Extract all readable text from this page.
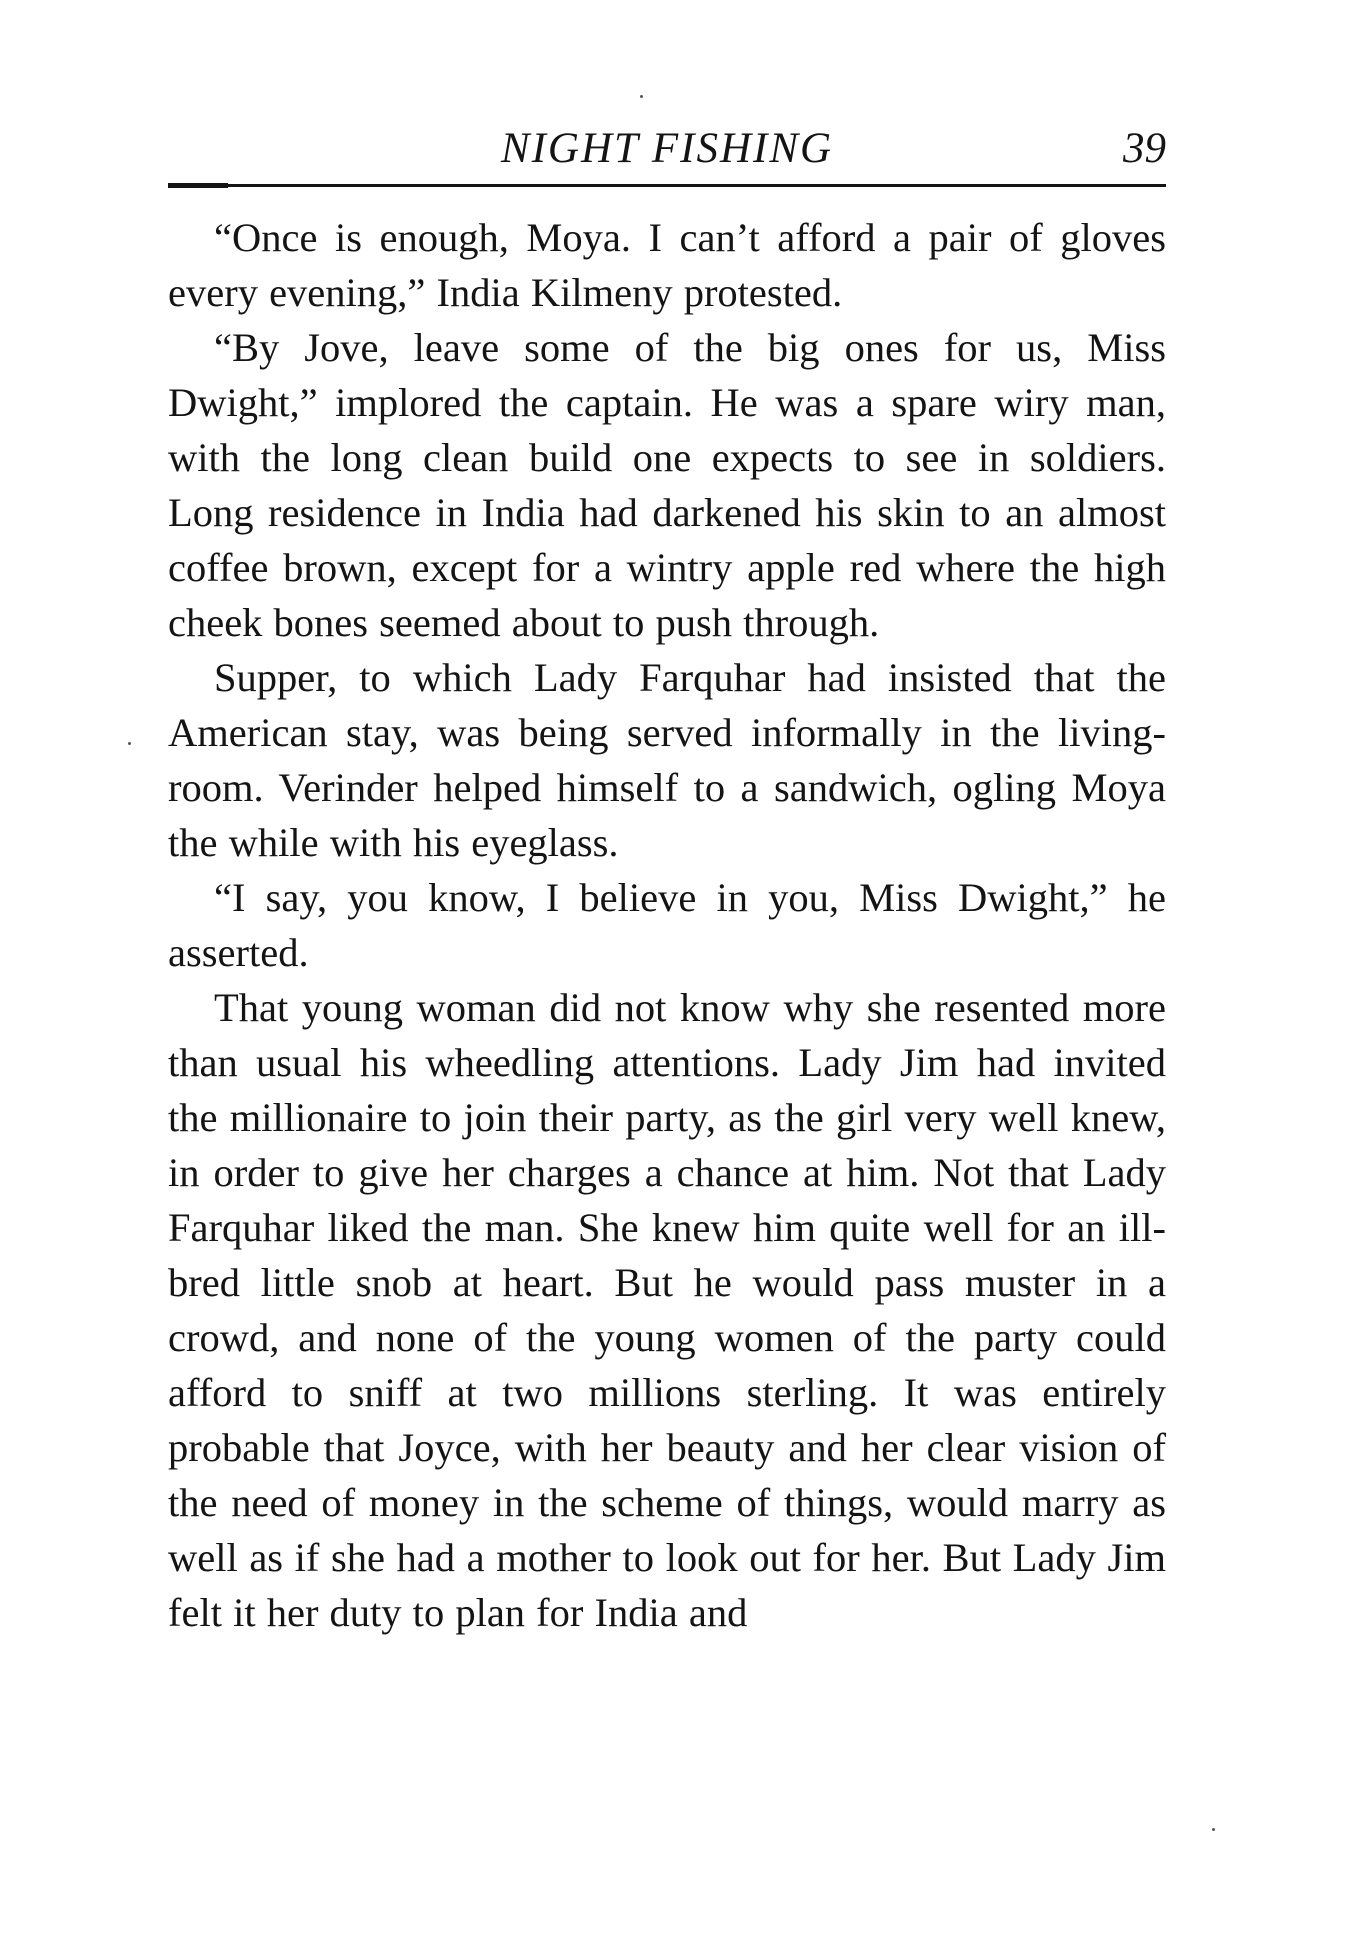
NIGHT FISHING	39

“Once is enough, Moya. I can’t afford a pair of gloves every evening,” India Kilmeny protested.

“By Jove, leave some of the big ones for us, Miss Dwight,” implored the captain. He was a spare wiry man, with the long clean build one expects to see in soldiers. Long residence in India had darkened his skin to an almost coffee brown, except for a wintry apple red where the high cheek bones seemed about to push through.

Supper, to which Lady Farquhar had insisted that the American stay, was being served informally in the living-room. Verinder helped himself to a sandwich, ogling Moya the while with his eyeglass.

“I say, you know, I believe in you, Miss Dwight,” he asserted.

That young woman did not know why she resented more than usual his wheedling attentions. Lady Jim had invited the millionaire to join their party, as the girl very well knew, in order to give her charges a chance at him. Not that Lady Farquhar liked the man. She knew him quite well for an ill-bred little snob at heart. But he would pass muster in a crowd, and none of the young women of the party could afford to sniff at two millions sterling. It was entirely probable that Joyce, with her beauty and her clear vision of the need of money in the scheme of things, would marry as well as if she had a mother to look out for her. But Lady Jim felt it her duty to plan for India and
